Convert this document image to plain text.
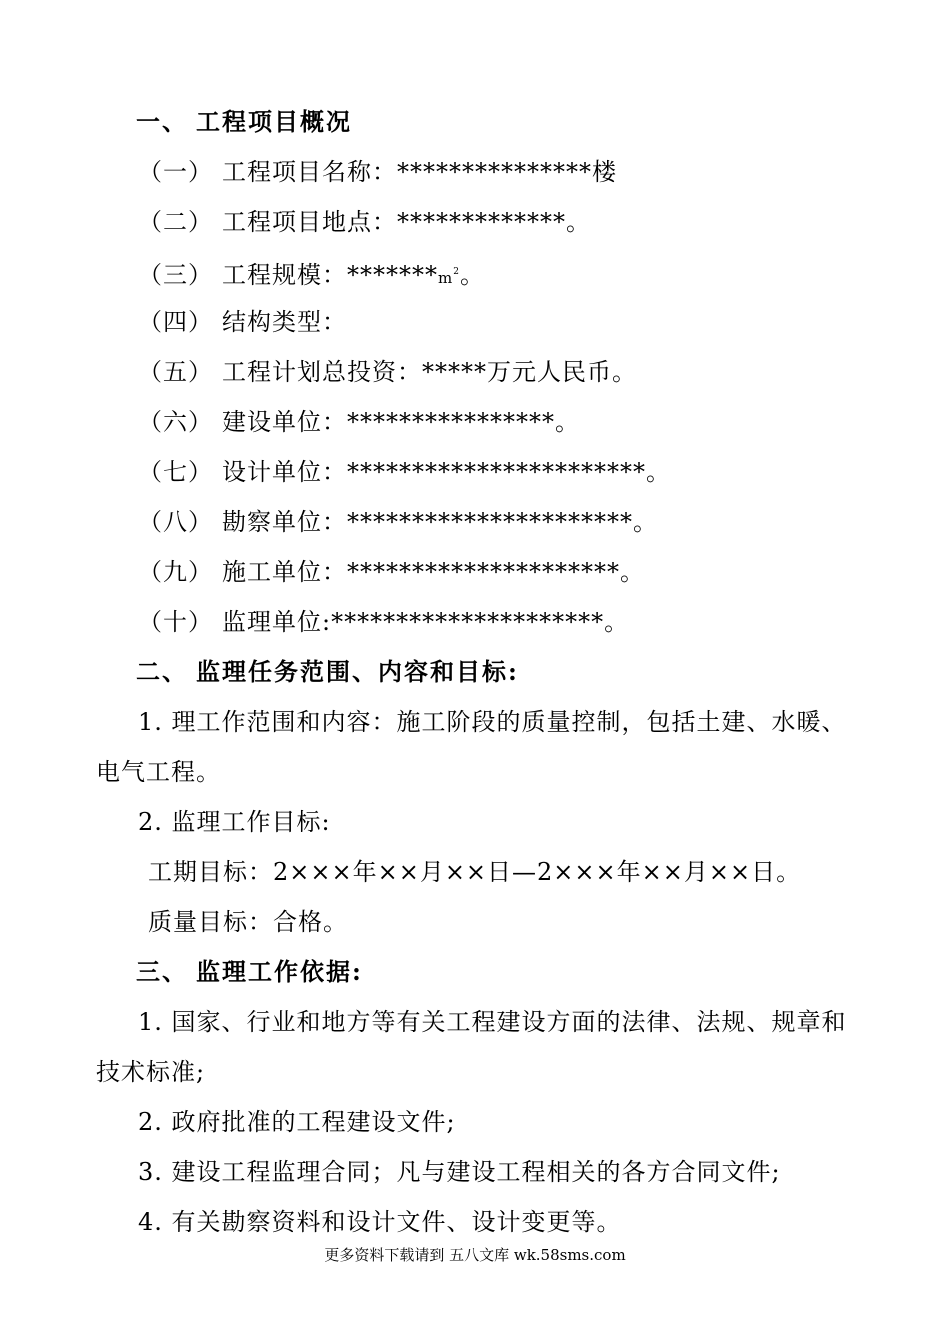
一、 工程项目概况
（一） 工程项目名称：***************楼
（二） 工程项目地点：*************。
（三） 工程规模：$*******m^2$。
（四） 结构类型：
（五） 工程计划总投资：*****万元人民币。
（六） 建设单位：****************。
（七） 设计单位：***********************。
（八） 勘察单位：**********************。
（九） 施工单位：*********************。
（十） 监理单位:*********************。
二、 监理任务范围、内容和目标:
1. 理工作范围和内容：施工阶段的质量控制，包括土建、水暖、
电气工程。
2. 监理工作目标:
工期目标：2×××年××月××日—2×××年××月××日。
质量目标：合格。
三、 监理工作依据:
1. 国家、行业和地方等有关工程建设方面的法律、法规、规章和
技术标准;
2. 政府批准的工程建设文件;
3. 建设工程监理合同；凡与建设工程相关的各方合同文件;
4. 有关勘察资料和设计文件、设计变更等。
更多资料下载请到 五八文库 wk.58sms.com
